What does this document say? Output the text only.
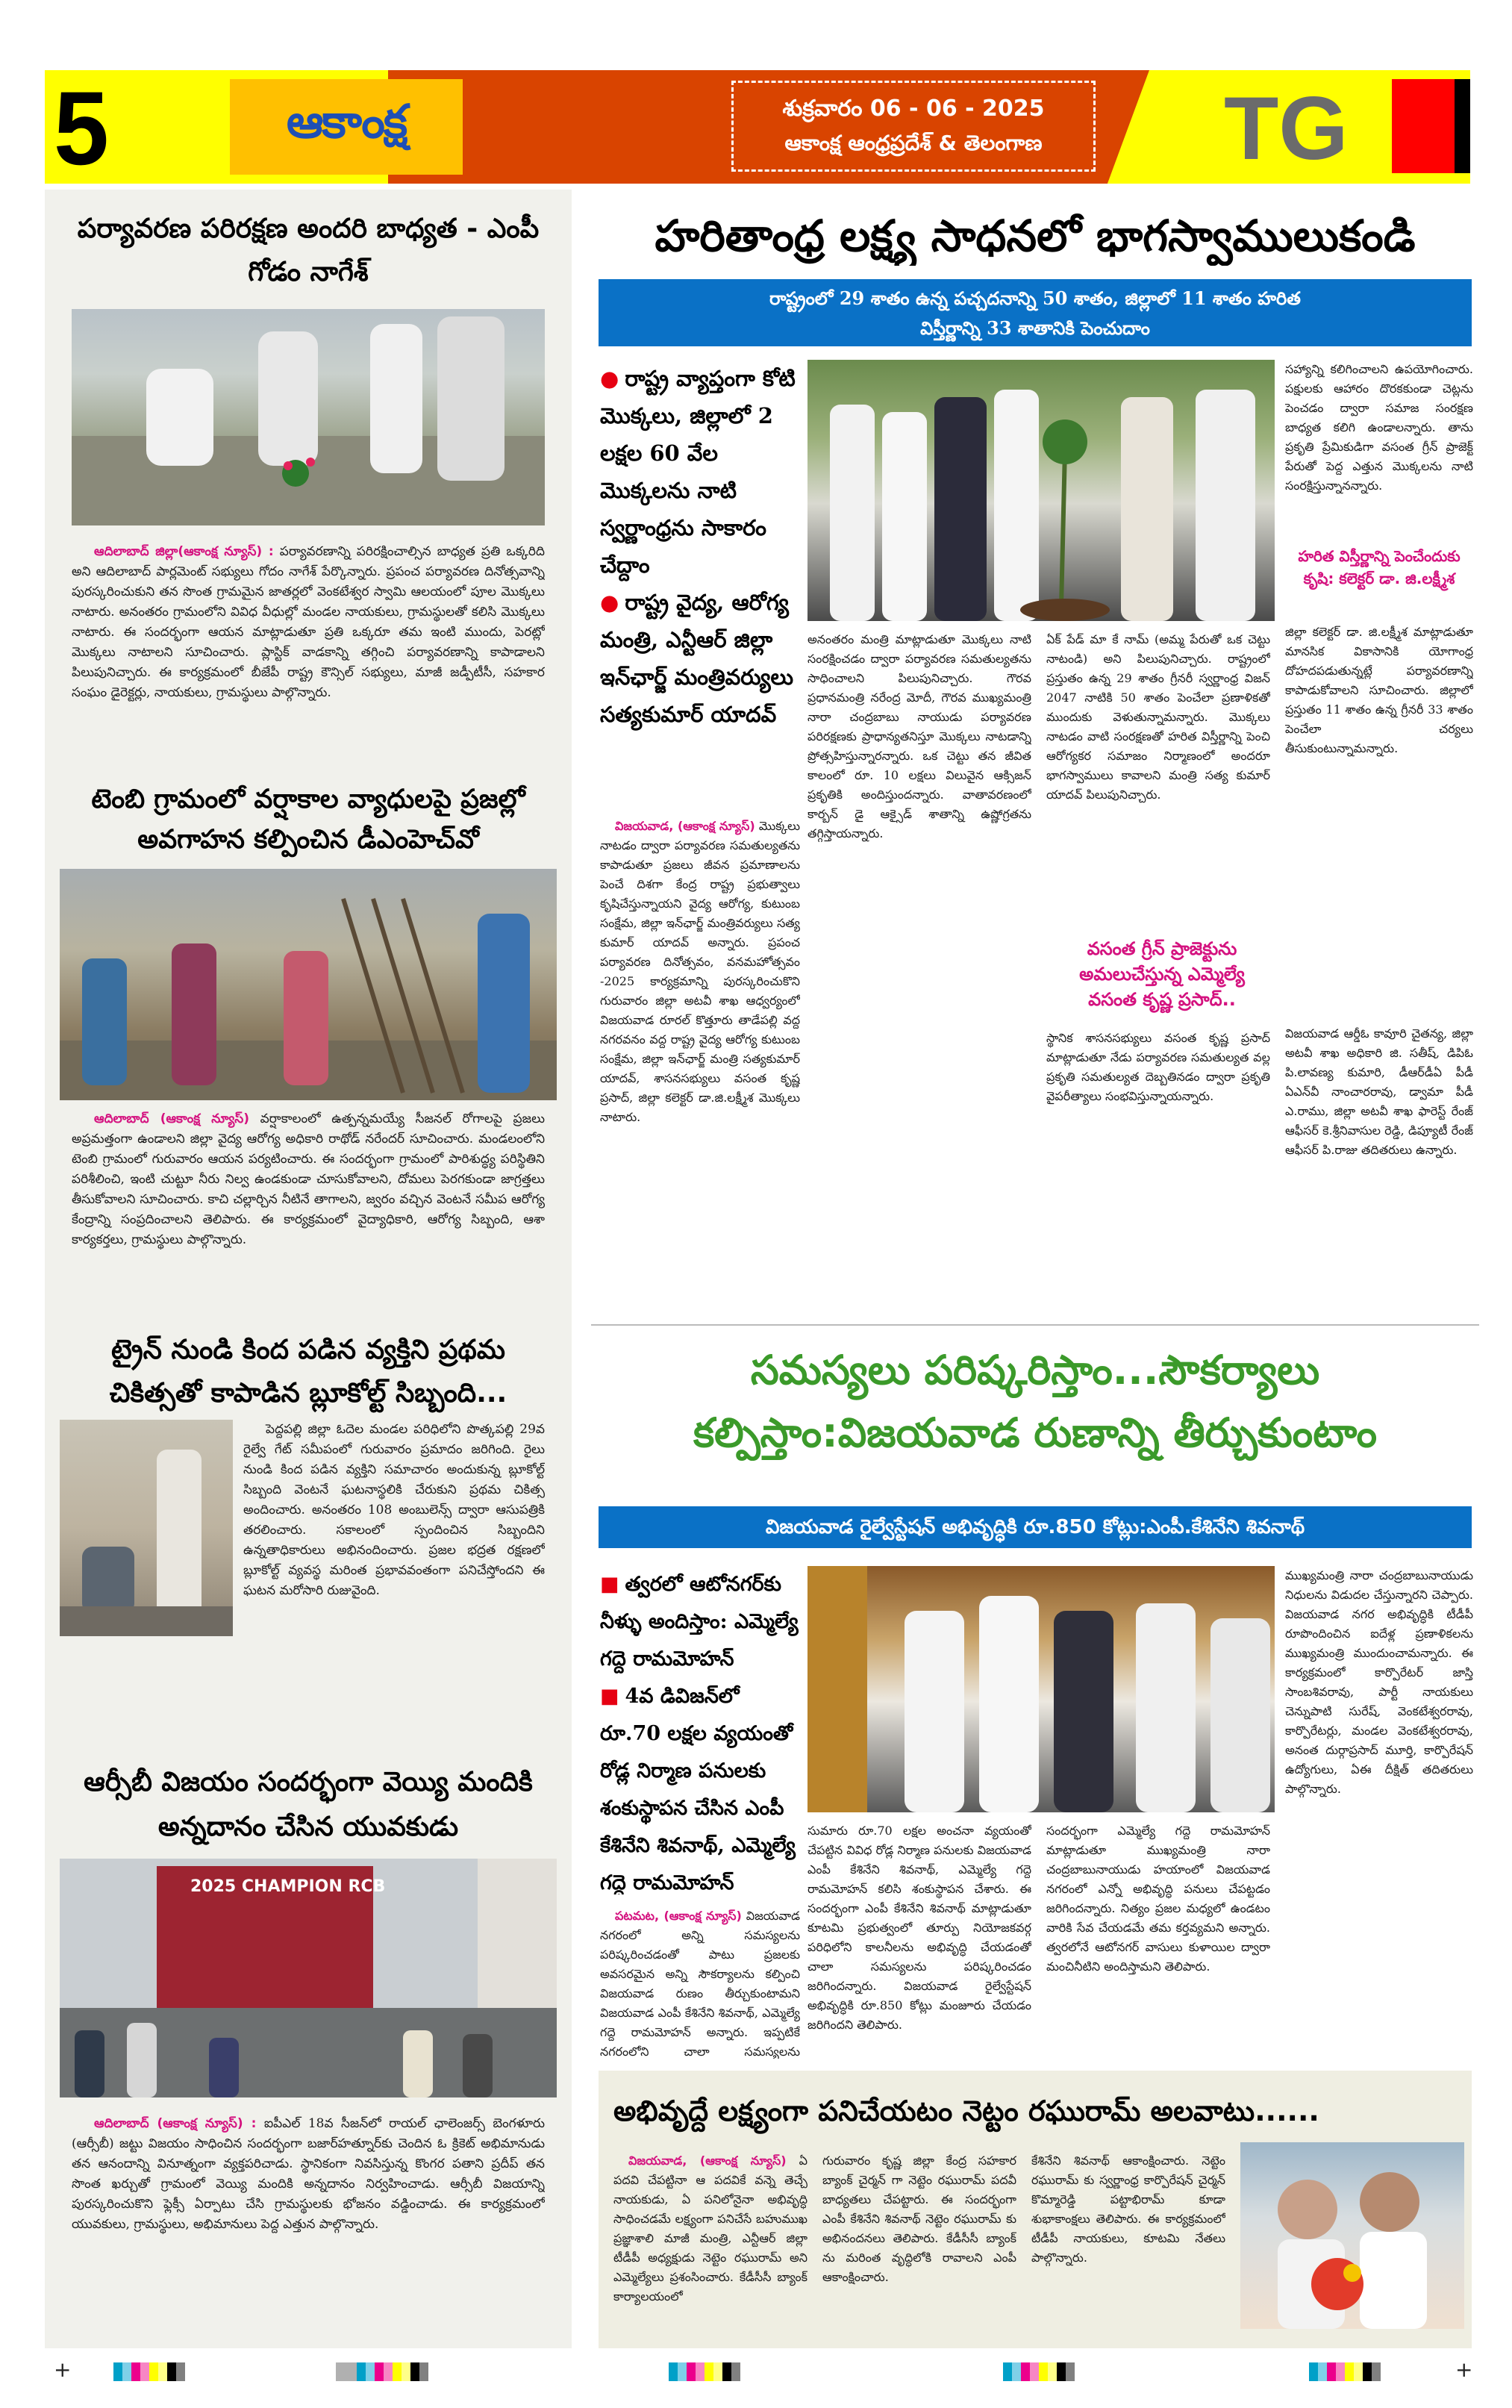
5	ఆకాంక్ష	శుక్రవారం 06 - 06 - 2025
ఆకాంక్ష ఆంధ్రప్రదేశ్ & తెలంగాణ TG
పర్యావరణ పరిరక్షణ అందరి బాధ్యత - ఎంపీ గోడం నాగేశ్
ఆదిలాబాద్ జిల్లా(ఆకాంక్ష న్యూస్) : పర్యావరణాన్ని పరిరక్షించాల్సిన బాధ్యత ప్రతి ఒక్కరిది అని ఆదిలాబాద్ పార్లమెంట్ సభ్యులు గోదం నాగేశ్ పేర్కొన్నారు. ప్రపంచ పర్యావరణ దినోత్సవాన్ని పురస్కరించుకుని తన సొంత గ్రామమైన జాతర్లలో వెంకటేశ్వర స్వామి ఆలయంలో పూల మొక్కలు నాటారు. అనంతరం గ్రామంలోని వివిధ వీధుల్లో మండల నాయకులు, గ్రామస్థులతో కలిసి మొక్కలు నాటారు. ఈ సందర్భంగా ఆయన మాట్లాడుతూ ప్రతి ఒక్కరూ తమ ఇంటి ముందు, పెరట్లో మొక్కలు నాటాలని సూచించారు. ప్లాస్టిక్ వాడకాన్ని తగ్గించి పర్యావరణాన్ని కాపాడాలని పిలుపునిచ్చారు. ఈ కార్యక్రమంలో బీజేపీ రాష్ట్ర కౌన్సిల్ సభ్యులు, మాజీ జడ్పీటీసీ, సహకార సంఘం డైరెక్టర్లు, నాయకులు, గ్రామస్థులు పాల్గొన్నారు.
టెంబి గ్రామంలో వర్షాకాల వ్యాధులపై ప్రజల్లో అవగాహన కల్పించిన డీఎంహెచ్‌వో
ఆదిలాబాద్ (ఆకాంక్ష న్యూస్) వర్షాకాలంలో ఉత్పన్నమయ్యే సీజనల్ రోగాలపై ప్రజలు అప్రమత్తంగా ఉండాలని జిల్లా వైద్య ఆరోగ్య అధికారి రాథోడ్ నరేందర్ సూచించారు. మండలంలోని టెంబి గ్రామంలో గురువారం ఆయన పర్యటించారు. ఈ సందర్భంగా గ్రామంలో పారిశుద్ధ్య పరిస్థితిని పరిశీలించి, ఇంటి చుట్టూ నీరు నిల్వ ఉండకుండా చూసుకోవాలని, దోమలు పెరగకుండా జాగ్రత్తలు తీసుకోవాలని సూచించారు. కాచి చల్లార్చిన నీటినే తాగాలని, జ్వరం వచ్చిన వెంటనే సమీప ఆరోగ్య కేంద్రాన్ని సంప్రదించాలని తెలిపారు. ఈ కార్యక్రమంలో వైద్యాధికారి, ఆరోగ్య సిబ్బంది, ఆశా కార్యకర్తలు, గ్రామస్థులు పాల్గొన్నారు.
ట్రైన్ నుండి కింద పడిన వ్యక్తిని ప్రథమ చికిత్సతో కాపాడిన బ్లూకోల్ట్ సిబ్బంది...
పెద్దపల్లి జిల్లా ఓదెల మండల పరిధిలోని పొత్కపల్లి 29వ రైల్వే గేట్ సమీపంలో గురువారం ప్రమాదం జరిగింది. రైలు నుండి కింద పడిన వ్యక్తిని సమాచారం అందుకున్న బ్లూకోల్ట్ సిబ్బంది వెంటనే ఘటనాస్థలికి చేరుకుని ప్రథమ చికిత్స అందించారు. అనంతరం 108 అంబులెన్స్ ద్వారా ఆసుపత్రికి తరలించారు. సకాలంలో స్పందించిన సిబ్బందిని ఉన్నతాధికారులు అభినందించారు. ప్రజల భద్రత రక్షణలో బ్లూకోల్ట్ వ్యవస్థ మరింత ప్రభావవంతంగా పనిచేస్తోందని ఈ ఘటన మరోసారి రుజువైంది.
ఆర్సీబీ విజయం సందర్భంగా వెయ్యి మందికి అన్నదానం చేసిన యువకుడు
2025 CHAMPION RCB
ఆదిలాబాద్ (ఆకాంక్ష న్యూస్) : ఐపీఎల్ 18వ సీజన్‌లో రాయల్ ఛాలెంజర్స్ బెంగళూరు (ఆర్సీబీ) జట్టు విజయం సాధించిన సందర్భంగా బజార్‌హత్నూర్‌కు చెందిన ఓ క్రికెట్ అభిమానుడు తన ఆనందాన్ని వినూత్నంగా వ్యక్తపరిచాడు. స్థానికంగా నివసిస్తున్న కొంగర పతాని ప్రదీప్ తన సొంత ఖర్చుతో గ్రామంలో వెయ్యి మందికి అన్నదానం నిర్వహించాడు. ఆర్సీబీ విజయాన్ని పురస్కరించుకొని ఫ్లెక్సీ ఏర్పాటు చేసి గ్రామస్థులకు భోజనం వడ్డించాడు. ఈ కార్యక్రమంలో యువకులు, గ్రామస్థులు, అభిమానులు పెద్ద ఎత్తున పాల్గొన్నారు.
హరితాంధ్ర లక్ష్య సాధనలో భాగస్వాములుకండి
రాష్ట్రంలో 29 శాతం ఉన్న పచ్చదనాన్ని 50 శాతం, జిల్లాలో 11 శాతం హరిత విస్తీర్ణాన్ని 33 శాతానికి పెంచుదాం
● రాష్ట్ర వ్యాప్తంగా కోటి మొక్కలు, జిల్లాలో 2 లక్షల 60 వేల మొక్కలను నాటి స్వర్ణాంధ్రను సాకారం చేద్దాం
● రాష్ట్ర వైద్య, ఆరోగ్య మంత్రి, ఎన్టీఆర్ జిల్లా ఇన్‌ఛార్జ్ మంత్రివర్యులు సత్యకుమార్ యాదవ్
విజయవాడ, (ఆకాంక్ష న్యూస్) మొక్కలు నాటడం ద్వారా పర్యావరణ సమతుల్యతను కాపాడుతూ ప్రజలు జీవన ప్రమాణాలను పెంచే దిశగా కేంద్ర రాష్ట్ర ప్రభుత్వాలు కృషిచేస్తున్నాయని వైద్య ఆరోగ్య, కుటుంబ సంక్షేమ, జిల్లా ఇన్‌ఛార్జ్ మంత్రివర్యులు సత్య కుమార్ యాదవ్ అన్నారు. ప్రపంచ పర్యావరణ దినోత్సవం, వనమహోత్సవం -2025 కార్యక్రమాన్ని పురస్కరించుకొని గురువారం జిల్లా అటవీ శాఖ ఆధ్వర్యంలో విజయవాడ రూరల్ కొత్తూరు తాడేపల్లి వద్ద నగరవనం వద్ద రాష్ట్ర వైద్య ఆరోగ్య కుటుంబ సంక్షేమ, జిల్లా ఇన్‌ఛార్జ్ మంత్రి సత్యకుమార్ యాదవ్, శాసనసభ్యులు వసంత కృష్ణ ప్రసాద్, జిల్లా కలెక్టర్ డా.జి.లక్ష్మీశ మొక్కలు నాటారు.
అనంతరం మంత్రి మాట్లాడుతూ మొక్కలు నాటి సంరక్షించడం ద్వారా పర్యావరణ సమతుల్యతను సాధించాలని పిలుపునిచ్చారు. గౌరవ ప్రధానమంత్రి నరేంద్ర మోదీ, గౌరవ ముఖ్యమంత్రి నారా చంద్రబాబు నాయుడు పర్యావరణ పరిరక్షణకు ప్రాధాన్యతనిస్తూ మొక్కలు నాటడాన్ని ప్రోత్సహిస్తున్నారన్నారు. ఒక చెట్టు తన జీవిత కాలంలో రూ. 10 లక్షలు విలువైన ఆక్సిజన్ ప్రకృతికి అందిస్తుందన్నారు. వాతావరణంలో కార్బన్ డై ఆక్సైడ్ శాతాన్ని ఉష్ణోగ్రతను తగ్గిస్తాయన్నారు.
ఏక్ పేడ్ మా కే నామ్ (అమ్మ పేరుతో ఒక చెట్టు నాటండి) అని పిలుపునిచ్చారు. రాష్ట్రంలో ప్రస్తుతం ఉన్న 29 శాతం గ్రీనరీ స్వర్ణాంధ్ర విజన్ 2047 నాటికి 50 శాతం పెంచేలా ప్రణాళికతో ముందుకు వెళుతున్నామన్నారు. మొక్కలు నాటడం వాటి సంరక్షణతో హరిత విస్తీర్ణాన్ని పెంచి ఆరోగ్యకర సమాజం నిర్మాణంలో అందరూ భాగస్వాములు కావాలని మంత్రి సత్య కుమార్ యాదవ్ పిలుపునిచ్చారు.
వసంత గ్రీన్ ప్రాజెక్టును అమలుచేస్తున్న ఎమ్మెల్యే వసంత కృష్ణ ప్రసాద్..
స్థానిక శాసనసభ్యులు వసంత కృష్ణ ప్రసాద్ మాట్లాడుతూ నేడు పర్యావరణ సమతుల్యత వల్ల ప్రకృతి సమతుల్యత దెబ్బతినడం ద్వారా ప్రకృతి వైపరీత్యాలు సంభవిస్తున్నాయన్నారు.
సహ్యాన్ని కలిగించాలని ఉపయోగించారు. పక్షులకు ఆహారం దొరకకుండా చెట్లను పెంచడం ద్వారా సమాజ సంరక్షణ బాధ్యత కలిగి ఉండాలన్నారు. తాను ప్రకృతి ప్రేమికుడిగా వసంత గ్రీన్ ప్రాజెక్ట్ పేరుతో పెద్ద ఎత్తున మొక్కలను నాటి సంరక్షిస్తున్నానన్నారు.
హరిత విస్తీర్ణాన్ని పెంచేందుకు కృషి: కలెక్టర్ డా. జి.లక్ష్మీశ
జిల్లా కలెక్టర్ డా. జి.లక్ష్మీశ మాట్లాడుతూ మానసిక వికాసానికి యోగాంధ్ర దోహదపడుతున్నట్లే పర్యావరణాన్ని కాపాడుకోవాలని సూచించారు. జిల్లాలో ప్రస్తుతం 11 శాతం ఉన్న గ్రీనరీ 33 శాతం పెంచేలా చర్యలు తీసుకుంటున్నామన్నారు.
విజయవాడ ఆర్డీఓ కావూరి చైతన్య, జిల్లా అటవీ శాఖ అధికారి జి. సతీష్, డిపిఓ పి.లావణ్య కుమారి, డీఆర్‌డీఏ పీడీ ఏఎన్‌వీ నాంచారరావు, డ్వామా పీడీ ఎ.రాము, జిల్లా అటవీ శాఖ ఫారెస్ట్ రేంజ్ ఆఫీసర్ కె.శ్రీనివాసుల రెడ్డి, డిప్యూటీ రేంజ్ ఆఫీసర్ పి.రాజు తదితరులు ఉన్నారు.
సమస్యలు పరిష్కరిస్తాం...సౌకర్యాలు కల్పిస్తాం:విజయవాడ రుణాన్ని తీర్చుకుంటాం
విజయవాడ రైల్వేస్టేషన్ అభివృద్ధికి రూ.850 కోట్లు:ఎంపీ.కేశినేని శివనాథ్
■ త్వరలో ఆటోనగర్‌కు నీళ్ళు అందిస్తాం: ఎమ్మెల్యే గద్దె రామమోహన్
■ 4వ డివిజన్‌లో రూ.70 లక్షల వ్యయంతో రోడ్ల నిర్మాణ పనులకు శంకుస్థాపన చేసిన ఎంపీ కేశినేని శివనాథ్, ఎమ్మెల్యే గద్దె రామమోహన్
పటమట, (ఆకాంక్ష న్యూస్) విజయవాడ నగరంలో అన్ని సమస్యలను పరిష్కరించడంతో పాటు ప్రజలకు అవసరమైన అన్ని సౌకర్యాలను కల్పించి విజయవాడ రుణం తీర్చుకుంటామని విజయవాడ ఎంపీ కేశినేని శివనాథ్, ఎమ్మెల్యే గద్దె రామమోహన్ అన్నారు. ఇప్పటికే నగరంలోని చాలా సమస్యలను
సుమారు రూ.70 లక్షల అంచనా వ్యయంతో చేపట్టిన వివిధ రోడ్ల నిర్మాణ పనులకు విజయవాడ ఎంపీ కేశినేని శివనాథ్, ఎమ్మెల్యే గద్దె రామమోహన్ కలిసి శంకుస్థాపన చేశారు. ఈ సందర్భంగా ఎంపీ కేశినేని శివనాథ్ మాట్లాడుతూ కూటమి ప్రభుత్వంలో తూర్పు నియోజకవర్గ పరిధిలోని కాలనీలను అభివృద్ధి చేయడంతో చాలా సమస్యలను పరిష్కరించడం జరిగిందన్నారు. విజయవాడ రైల్వేస్టేషన్ అభివృద్ధికి రూ.850 కోట్లు మంజూరు చేయడం జరిగిందని తెలిపారు.
సందర్భంగా ఎమ్మెల్యే గద్దె రామమోహన్ మాట్లాడుతూ ముఖ్యమంత్రి నారా చంద్రబాబునాయుడు హయాంలో విజయవాడ నగరంలో ఎన్నో అభివృద్ధి పనులు చేపట్టడం జరిగిందన్నారు. నిత్యం ప్రజల మధ్యలో ఉండటం వారికి సేవ చేయడమే తమ కర్తవ్యమని అన్నారు. త్వరలోనే ఆటోనగర్ వాసులు కుళాయిల ద్వారా మంచినీటిని అందిస్తామని తెలిపారు.
ముఖ్యమంత్రి నారా చంద్రబాబునాయుడు నిధులను విడుదల చేస్తున్నారని చెప్పారు. విజయవాడ నగర అభివృద్ధికి టీడీపీ రూపొందించిన ఐదేళ్ల ప్రణాళికలను ముఖ్యమంత్రి ముందుంచామన్నారు. ఈ కార్యక్రమంలో కార్పొరేటర్ జాస్తి సాంబశివరావు, పార్టీ నాయకులు చెన్నుపాటి సురేష్, వెంకటేశ్వరరావు, కార్పొరేటర్లు, మండల వెంకటేశ్వరరావు, అనంత దుర్గాప్రసాద్ మూర్తి, కార్పొరేషన్ ఉద్యోగులు, ఏఈ దీక్షిత్ తదితరులు పాల్గొన్నారు.
అభివృద్దే లక్ష్యంగా పనిచేయటం నెట్టం రఘురామ్ అలవాటు......
విజయవాడ, (ఆకాంక్ష న్యూస్) ఏ పదవి చేపట్టినా ఆ పదవికే వన్నె తెచ్చే నాయకుడు, ఏ పనిలోనైనా అభివృద్ధి సాధించడమే లక్ష్యంగా పనిచేసే బహుముఖ ప్రజ్ఞాశాలి మాజీ మంత్రి, ఎన్టీఆర్ జిల్లా టీడీపీ అధ్యక్షుడు నెట్టెం రఘురామ్ అని ఎమ్మెల్యేలు ప్రశంసించారు. కేడీసీసీ బ్యాంక్ కార్యాలయంలో
గురువారం కృష్ణ జిల్లా కేంద్ర సహకార బ్యాంక్ చైర్మన్ గా నెట్టెం రఘురామ్ పదవీ బాధ్యతలు చేపట్టారు. ఈ సందర్భంగా ఎంపీ కేశినేని శివనాథ్ నెట్టెం రఘురామ్ కు అభినందనలు తెలిపారు. కేడీసీసీ బ్యాంక్ ను మరింత వృద్ధిలోకి రావాలని ఎంపీ ఆకాంక్షించారు.
కేశినేని శివనాథ్ ఆకాంక్షించారు. నెట్టెం రఘురామ్ కు స్వర్ణాంధ్ర కార్పొరేషన్ చైర్మన్ కొమ్మారెడ్డి పట్టాభిరామ్ కూడా శుభాకాంక్షలు తెలిపారు. ఈ కార్యక్రమంలో టీడీపీ నాయకులు, కూటమి నేతలు పాల్గొన్నారు.
+	+
